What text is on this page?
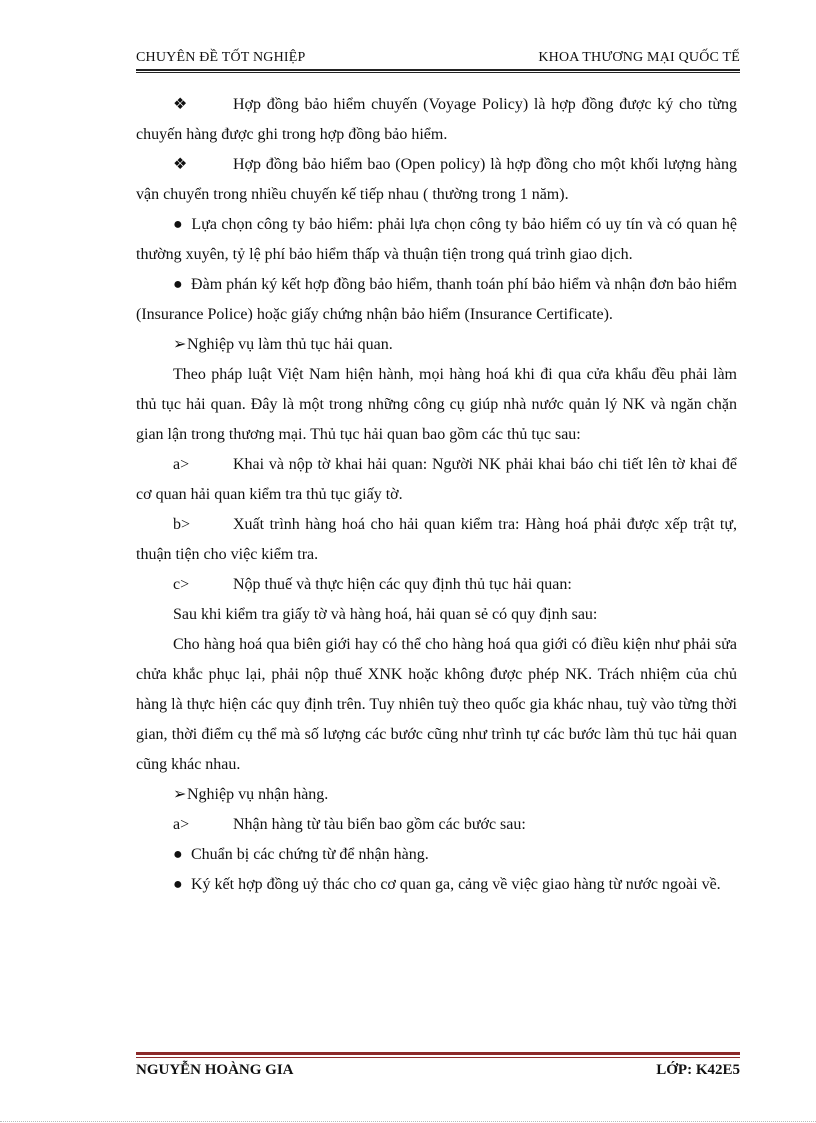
CHUYÊN ĐỀ TỐT NGHIỆP	KHOA THƯƠNG MẠI QUỐC TẾ

❖	Hợp đồng bảo hiểm chuyến (Voyage Policy) là hợp đồng được ký cho từng chuyến hàng được ghi trong hợp đồng bảo hiểm.

❖	Hợp đồng bảo hiểm bao (Open policy) là hợp đồng cho một khối lượng hàng vận chuyển trong nhiều chuyến kế tiếp nhau ( thường trong 1 năm).

● Lựa chọn công ty bảo hiểm: phải lựa chọn công ty bảo hiểm có uy tín và có quan hệ thường xuyên, tỷ lệ phí bảo hiểm thấp và thuận tiện trong quá trình giao dịch.

● Đàm phán ký kết hợp đồng bảo hiểm, thanh toán phí bảo hiểm và nhận đơn bảo hiểm (Insurance Police) hoặc giấy chứng nhận bảo hiểm (Insurance Certificate).

➢Nghiệp vụ làm thủ tục hải quan.

Theo pháp luật Việt Nam hiện hành, mọi hàng hoá khi đi qua cửa khẩu đều phải làm thủ tục hải quan. Đây là một trong những công cụ giúp nhà nước quản lý NK và ngăn chặn gian lận trong thương mại. Thủ tục hải quan bao gồm các thủ tục sau:

a>	Khai và nộp tờ khai hải quan: Người NK phải khai báo chi tiết lên tờ khai để cơ quan hải quan kiểm tra thủ tục giấy tờ.

b>	Xuất trình hàng hoá cho hải quan kiểm tra: Hàng hoá phải được xếp trật tự, thuận tiện cho việc kiểm tra.

c>	Nộp thuế và thực hiện các quy định thủ tục hải quan:

Sau khi kiểm tra giấy tờ và hàng hoá, hải quan sẻ có quy định sau:

Cho hàng hoá qua biên giới hay có thể cho hàng hoá qua giới có điều kiện như phải sửa chửa khắc phục lại, phải nộp thuế XNK hoặc không được phép NK. Trách nhiệm của chủ hàng là thực hiện các quy định trên. Tuy nhiên tuỳ theo quốc gia khác nhau, tuỳ vào từng thời gian, thời điểm cụ thể mà số lượng các bước cũng như trình tự các bước làm thủ tục hải quan cũng khác nhau.

➢Nghiệp vụ nhận hàng.

a>	Nhận hàng từ tàu biển bao gồm các bước sau:

● Chuẩn bị các chứng từ để nhận hàng.

● Ký kết hợp đồng uỷ thác cho cơ quan ga, cảng về việc giao hàng từ nước ngoài về.

NGUYỄN HOÀNG GIA	LỚP: K42E5
